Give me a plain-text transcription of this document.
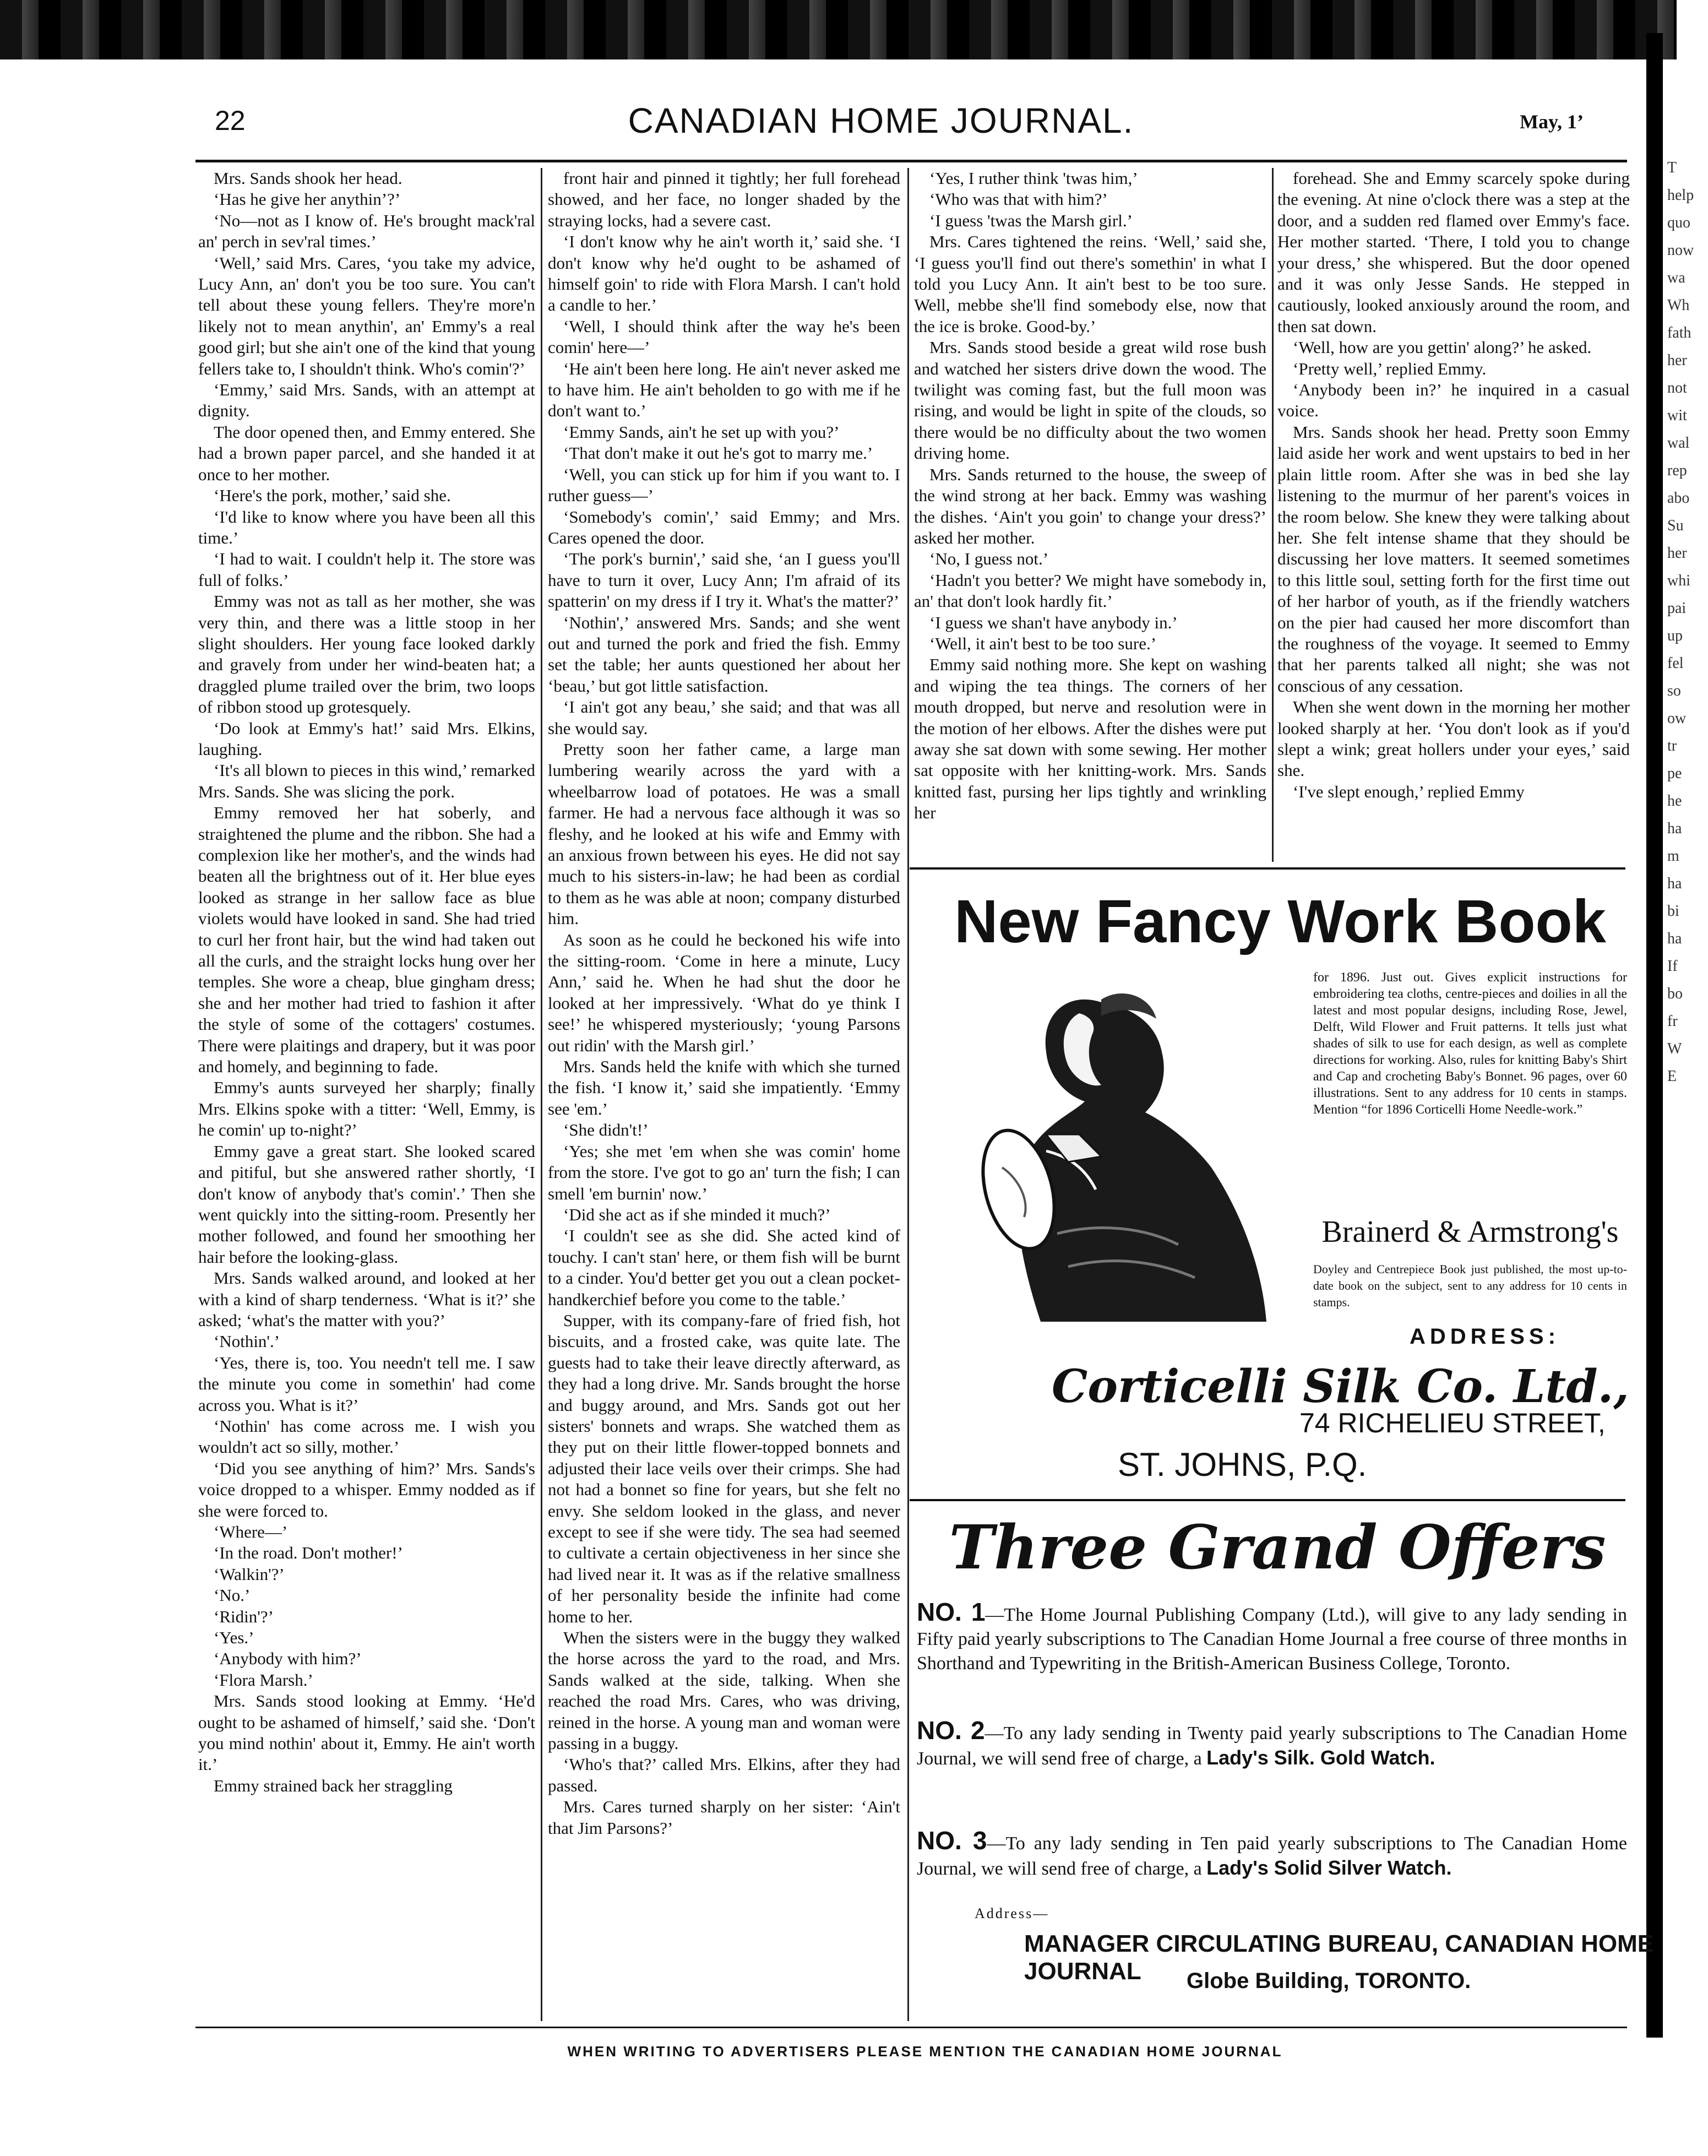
T
help
quo
now
wa
Wh
fath
her
not
wit
wal
rep
abo
Su
her
whi
pai
up
fel
so
ow
tr
pe
he
ha
m
ha
bi
ha
If
bo
fr
W
E
22	CANADIAN HOME JOURNAL.	May, 1’

Mrs. Sands shook her head.

‘Has he give her anythin’?’

‘No—not as I know of. He's brought mack'ral an' perch in sev'ral times.’

‘Well,’ said Mrs. Cares, ‘you take my advice, Lucy Ann, an' don't you be too sure. You can't tell about these young fellers. They're more'n likely not to mean anythin', an' Emmy's a real good girl; but she ain't one of the kind that young fellers take to, I shouldn't think. Who's comin'?’

‘Emmy,’ said Mrs. Sands, with an attempt at dignity.

The door opened then, and Emmy entered. She had a brown paper parcel, and she handed it at once to her mother.

‘Here's the pork, mother,’ said she.

‘I'd like to know where you have been all this time.’

‘I had to wait. I couldn't help it. The store was full of folks.’

Emmy was not as tall as her mother, she was very thin, and there was a little stoop in her slight shoulders. Her young face looked darkly and gravely from under her wind-beaten hat; a draggled plume trailed over the brim, two loops of ribbon stood up grotesquely.

‘Do look at Emmy's hat!’ said Mrs. Elkins, laughing.

‘It's all blown to pieces in this wind,’ remarked Mrs. Sands. She was slicing the pork.

Emmy removed her hat soberly, and straightened the plume and the ribbon. She had a complexion like her mother's, and the winds had beaten all the brightness out of it. Her blue eyes looked as strange in her sallow face as blue violets would have looked in sand. She had tried to curl her front hair, but the wind had taken out all the curls, and the straight locks hung over her temples. She wore a cheap, blue gingham dress; she and her mother had tried to fashion it after the style of some of the cottagers' costumes. There were plaitings and drapery, but it was poor and homely, and beginning to fade.

Emmy's aunts surveyed her sharply; finally Mrs. Elkins spoke with a titter: ‘Well, Emmy, is he comin' up to-night?’

Emmy gave a great start. She looked scared and pitiful, but she answered rather shortly, ‘I don't know of anybody that's comin'.’ Then she went quickly into the sitting-room. Presently her mother followed, and found her smoothing her hair before the looking-glass.

Mrs. Sands walked around, and looked at her with a kind of sharp tenderness. ‘What is it?’ she asked; ‘what's the matter with you?’

‘Nothin'.’

‘Yes, there is, too. You needn't tell me. I saw the minute you come in somethin' had come across you. What is it?’

‘Nothin' has come across me. I wish you wouldn't act so silly, mother.’

‘Did you see anything of him?’ Mrs. Sands's voice dropped to a whisper. Emmy nodded as if she were forced to.

‘Where—’

‘In the road. Don't mother!’

‘Walkin'?’

‘No.’

‘Ridin'?’

‘Yes.’

‘Anybody with him?’

‘Flora Marsh.’

Mrs. Sands stood looking at Emmy. ‘He'd ought to be ashamed of himself,’ said she. ‘Don't you mind nothin' about it, Emmy. He ain't worth it.’

Emmy strained back her straggling

front hair and pinned it tightly; her full forehead showed, and her face, no longer shaded by the straying locks, had a severe cast.

‘I don't know why he ain't worth it,’ said she. ‘I don't know why he'd ought to be ashamed of himself goin' to ride with Flora Marsh. I can't hold a candle to her.’

‘Well, I should think after the way he's been comin' here—’

‘He ain't been here long. He ain't never asked me to have him. He ain't beholden to go with me if he don't want to.’

‘Emmy Sands, ain't he set up with you?’

‘That don't make it out he's got to marry me.’

‘Well, you can stick up for him if you want to. I ruther guess—’

‘Somebody's comin',’ said Emmy; and Mrs. Cares opened the door.

‘The pork's burnin',’ said she, ‘an I guess you'll have to turn it over, Lucy Ann; I'm afraid of its spatterin' on my dress if I try it. What's the matter?’

‘Nothin',’ answered Mrs. Sands; and she went out and turned the pork and fried the fish. Emmy set the table; her aunts questioned her about her ‘beau,’ but got little satisfaction.

‘I ain't got any beau,’ she said; and that was all she would say.

Pretty soon her father came, a large man lumbering wearily across the yard with a wheelbarrow load of potatoes. He was a small farmer. He had a nervous face although it was so fleshy, and he looked at his wife and Emmy with an anxious frown between his eyes. He did not say much to his sisters-in-law; he had been as cordial to them as he was able at noon; company disturbed him.

As soon as he could he beckoned his wife into the sitting-room. ‘Come in here a minute, Lucy Ann,’ said he. When he had shut the door he looked at her impressively. ‘What do ye think I see!’ he whispered mysteriously; ‘young Parsons out ridin' with the Marsh girl.’

Mrs. Sands held the knife with which she turned the fish. ‘I know it,’ said she impatiently. ‘Emmy see 'em.’

‘She didn't!’

‘Yes; she met 'em when she was comin' home from the store. I've got to go an' turn the fish; I can smell 'em burnin' now.’

‘Did she act as if she minded it much?’

‘I couldn't see as she did. She acted kind of touchy. I can't stan' here, or them fish will be burnt to a cinder. You'd better get you out a clean pocket-handkerchief before you come to the table.’

Supper, with its company-fare of fried fish, hot biscuits, and a frosted cake, was quite late. The guests had to take their leave directly afterward, as they had a long drive. Mr. Sands brought the horse and buggy around, and Mrs. Sands got out her sisters' bonnets and wraps. She watched them as they put on their little flower-topped bonnets and adjusted their lace veils over their crimps. She had not had a bonnet so fine for years, but she felt no envy. She seldom looked in the glass, and never except to see if she were tidy. The sea had seemed to cultivate a certain objectiveness in her since she had lived near it. It was as if the relative smallness of her personality beside the infinite had come home to her.

When the sisters were in the buggy they walked the horse across the yard to the road, and Mrs. Sands walked at the side, talking. When she reached the road Mrs. Cares, who was driving, reined in the horse. A young man and woman were passing in a buggy.

‘Who's that?’ called Mrs. Elkins, after they had passed.

Mrs. Cares turned sharply on her sister: ‘Ain't that Jim Parsons?’

‘Yes, I ruther think 'twas him,’

‘Who was that with him?’

‘I guess 'twas the Marsh girl.’

Mrs. Cares tightened the reins. ‘Well,’ said she, ‘I guess you'll find out there's somethin' in what I told you Lucy Ann. It ain't best to be too sure. Well, mebbe she'll find somebody else, now that the ice is broke. Good-by.’

Mrs. Sands stood beside a great wild rose bush and watched her sisters drive down the wood. The twilight was coming fast, but the full moon was rising, and would be light in spite of the clouds, so there would be no difficulty about the two women driving home.

Mrs. Sands returned to the house, the sweep of the wind strong at her back. Emmy was washing the dishes. ‘Ain't you goin' to change your dress?’ asked her mother.

‘No, I guess not.’

‘Hadn't you better? We might have somebody in, an' that don't look hardly fit.’

‘I guess we shan't have anybody in.’

‘Well, it ain't best to be too sure.’

Emmy said nothing more. She kept on washing and wiping the tea things. The corners of her mouth dropped, but nerve and resolution were in the motion of her elbows. After the dishes were put away she sat down with some sewing. Her mother sat opposite with her knitting-work. Mrs. Sands knitted fast, pursing her lips tightly and wrinkling her

forehead. She and Emmy scarcely spoke during the evening. At nine o'clock there was a step at the door, and a sudden red flamed over Emmy's face. Her mother started. ‘There, I told you to change your dress,’ she whispered. But the door opened and it was only Jesse Sands. He stepped in cautiously, looked anxiously around the room, and then sat down.

‘Well, how are you gettin' along?’ he asked.

‘Pretty well,’ replied Emmy.

‘Anybody been in?’ he inquired in a casual voice.

Mrs. Sands shook her head. Pretty soon Emmy laid aside her work and went upstairs to bed in her plain little room. After she was in bed she lay listening to the murmur of her parent's voices in the room below. She knew they were talking about her. She felt intense shame that they should be discussing her love matters. It seemed sometimes to this little soul, setting forth for the first time out of her harbor of youth, as if the friendly watchers on the pier had caused her more discomfort than the roughness of the voyage. It seemed to Emmy that her parents talked all night; she was not conscious of any cessation.

When she went down in the morning her mother looked sharply at her. ‘You don't look as if you'd slept a wink; great hollers under your eyes,’ said she.

‘I've slept enough,’ replied Emmy

New Fancy Work Book
for 1896. Just out. Gives explicit instructions for embroidering tea cloths, centre-pieces and doilies in all the latest and most popular designs, including Rose, Jewel, Delft, Wild Flower and Fruit patterns. It tells just what shades of silk to use for each design, as well as complete directions for working. Also, rules for knitting Baby's Shirt and Cap and crocheting Baby's Bonnet. 96 pages, over 60 illustrations. Sent to any address for 10 cents in stamps. Mention “for 1896 Corticelli Home Needle-work.”
Brainerd & Armstrong's
Doyley and Centrepiece Book just published, the most up-to-date book on the subject, sent to any address for 10 cents in stamps.
ADDRESS:
Corticelli Silk Co. Ltd.,
74 RICHELIEU STREET,
ST. JOHNS, P.Q.
Three Grand Offers
NO. 1—The Home Journal Publishing Company (Ltd.), will give to any lady sending in Fifty paid yearly subscriptions to The Canadian Home Journal a free course of three months in Shorthand and Typewriting in the British-American Business College, Toronto.
NO. 2—To any lady sending in Twenty paid yearly subscriptions to The Canadian Home Journal, we will send free of charge, a Lady's Silk. Gold Watch.
NO. 3—To any lady sending in Ten paid yearly subscriptions to The Canadian Home Journal, we will send free of charge, a Lady's Solid Silver Watch.
Address—
MANAGER CIRCULATING BUREAU, CANADIAN HOME JOURNAL	Globe Building, TORONTO.
WHEN WRITING TO ADVERTISERS PLEASE MENTION THE CANADIAN HOME JOURNAL
